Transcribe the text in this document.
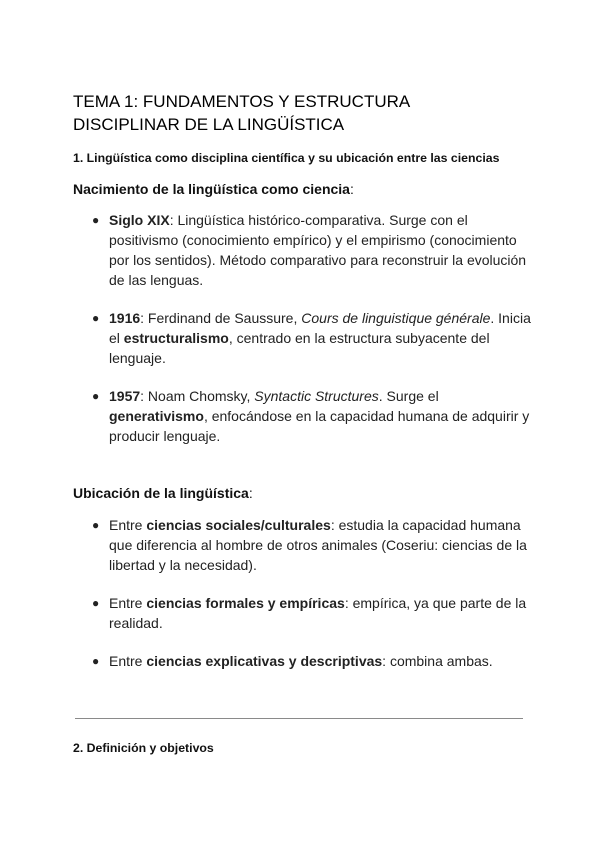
TEMA 1: FUNDAMENTOS Y ESTRUCTURA
DISCIPLINAR DE LA LINGÜÍSTICA

1. Lingüística como disciplina científica y su ubicación entre las ciencias

Nacimiento de la lingüística como ciencia:

● Siglo XIX: Lingüística histórico-comparativa. Surge con el positivismo (conocimiento empírico) y el empirismo (conocimiento por los sentidos). Método comparativo para reconstruir la evolución de las lenguas.
● 1916: Ferdinand de Saussure, Cours de linguistique générale. Inicia el estructuralismo, centrado en la estructura subyacente del lenguaje.
● 1957: Noam Chomsky, Syntactic Structures. Surge el generativismo, enfocándose en la capacidad humana de adquirir y producir lenguaje.

Ubicación de la lingüística:

● Entre ciencias sociales/culturales: estudia la capacidad humana que diferencia al hombre de otros animales (Coseriu: ciencias de la libertad y la necesidad).
● Entre ciencias formales y empíricas: empírica, ya que parte de la realidad.
● Entre ciencias explicativas y descriptivas: combina ambas.

2. Definición y objetivos
